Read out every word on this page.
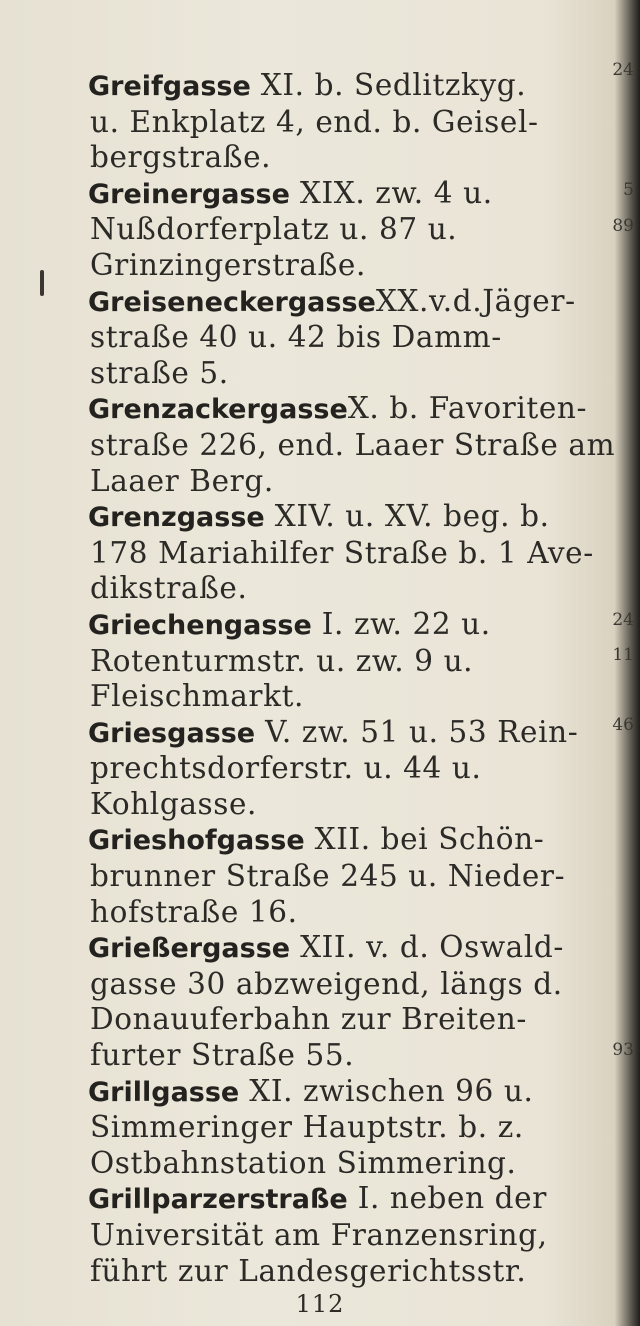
Greifgasse XI. b. Sedlitzkyg.
u. Enkplatz 4, end. b. Geisel-
bergstraße.
Greinergasse XIX. zw. 4 u.
Nußdorferplatz u. 87 u.
Grinzingerstraße.
GreiseneckergasseXX.v.d.Jäger-
straße 40 u. 42 bis Damm-
straße 5.
GrenzackergasseX. b. Favoriten-
straße 226, end. Laaer Straße am
Laaer Berg.
Grenzgasse XIV. u. XV. beg. b.
178 Mariahilfer Straße b. 1 Ave-
dikstraße.
Griechengasse I. zw. 22 u.
Rotenturmstr. u. zw. 9 u.
Fleischmarkt.
Griesgasse V. zw. 51 u. 53 Rein-
prechtsdorferstr. u. 44 u.
Kohlgasse.
Grieshofgasse XII. bei Schön-
brunner Straße 245 u. Nieder-
hofstraße 16.
Grießergasse XII. v. d. Oswald-
gasse 30 abzweigend, längs d.
Donauuferbahn zur Breiten-
furter Straße 55.
Grillgasse XI. zwischen 96 u.
Simmeringer Hauptstr. b. z.
Ostbahnstation Simmering.
Grillparzerstraße I. neben der
Universität am Franzensring,
führt zur Landesgerichtsstr.
24
5
89
24
11
46
93
112
